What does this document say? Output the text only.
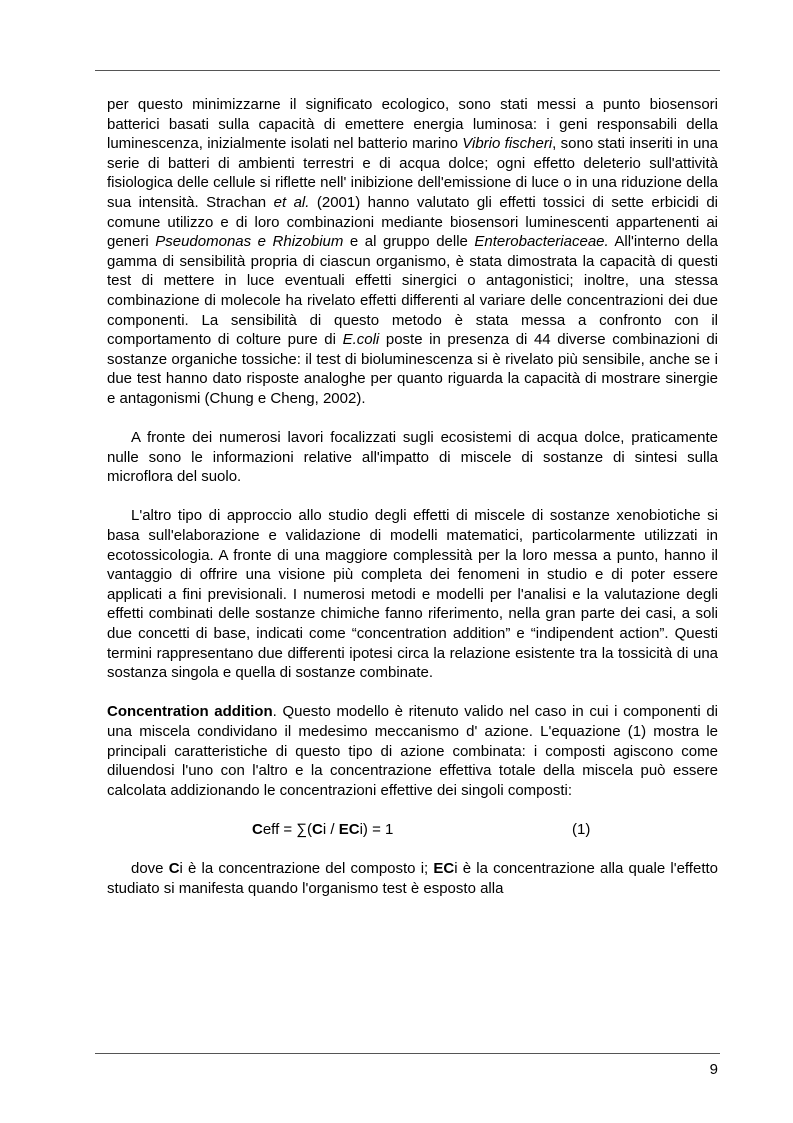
per questo minimizzarne il significato ecologico, sono stati messi a punto biosensori batterici basati sulla capacità di emettere energia luminosa: i geni responsabili della luminescenza, inizialmente isolati nel batterio marino Vibrio fischeri, sono stati inseriti in una serie di batteri di ambienti terrestri e di acqua dolce; ogni effetto deleterio sull'attività fisiologica delle cellule si riflette nell' inibizione dell'emissione di luce o in una riduzione della sua intensità. Strachan et al. (2001) hanno valutato gli effetti tossici di sette erbicidi di comune utilizzo e di loro combinazioni mediante biosensori luminescenti appartenenti ai generi Pseudomonas e Rhizobium e al gruppo delle Enterobacteriaceae. All'interno della gamma di sensibilità propria di ciascun organismo, è stata dimostrata la capacità di questi test di mettere in luce eventuali effetti sinergici o antagonistici; inoltre, una stessa combinazione di molecole ha rivelato effetti differenti al variare delle concentrazioni dei due componenti. La sensibilità di questo metodo è stata messa a confronto con il comportamento di colture pure di E.coli poste in presenza di 44 diverse combinazioni di sostanze organiche tossiche: il test di bioluminescenza si è rivelato più sensibile, anche se i due test hanno dato risposte analoghe per quanto riguarda la capacità di mostrare sinergie e antagonismi (Chung e Cheng, 2002).

A fronte dei numerosi lavori focalizzati sugli ecosistemi di acqua dolce, praticamente nulle sono le informazioni relative all'impatto di miscele di sostanze di sintesi sulla microflora del suolo.

L'altro tipo di approccio allo studio degli effetti di miscele di sostanze xenobiotiche si basa sull'elaborazione e validazione di modelli matematici, particolarmente utilizzati in ecotossicologia. A fronte di una maggiore complessità per la loro messa a punto, hanno il vantaggio di offrire una visione più completa dei fenomeni in studio e di poter essere applicati a fini previsionali. I numerosi metodi e modelli per l'analisi e la valutazione degli effetti combinati delle sostanze chimiche fanno riferimento, nella gran parte dei casi, a soli due concetti di base, indicati come “concentration addition” e “indipendent action”. Questi termini rappresentano due differenti ipotesi circa la relazione esistente tra la tossicità di una sostanza singola e quella di sostanze combinate.

Concentration addition. Questo modello è ritenuto valido nel caso in cui i componenti di una miscela condividano il medesimo meccanismo d' azione. L'equazione (1) mostra le principali caratteristiche di questo tipo di azione combinata: i composti agiscono come diluendosi l'uno con l'altro e la concentrazione effettiva totale della miscela può essere calcolata addizionando le concentrazioni effettive dei singoli composti:

Ceff = ∑(Ci / ECi) = 1	(1)

dove Ci è la concentrazione del composto i; ECi è la concentrazione alla quale l'effetto studiato si manifesta quando l'organismo test è esposto alla

9
